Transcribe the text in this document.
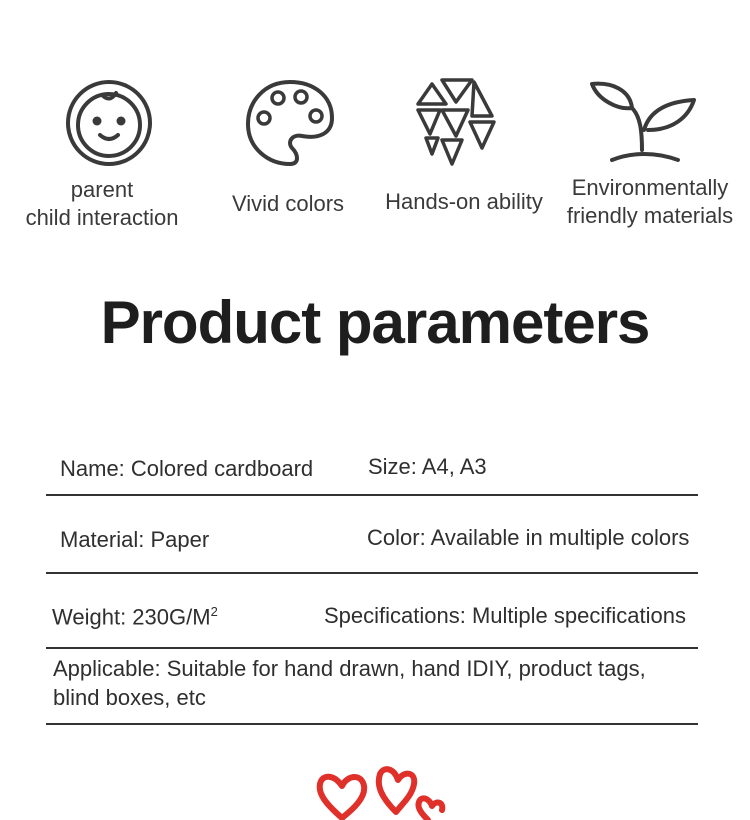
parent
child interaction
Vivid colors	Hands-on ability
Environmentally
friendly materials
Product parameters
Name: Colored cardboard Size: A4, A3
Material: Paper	Color: Available in multiple colors
Weight: $230G/M^2$	Specifications: Multiple specifications
Applicable: Suitable for hand drawn, hand IDIY, product tags, blind boxes, etc
